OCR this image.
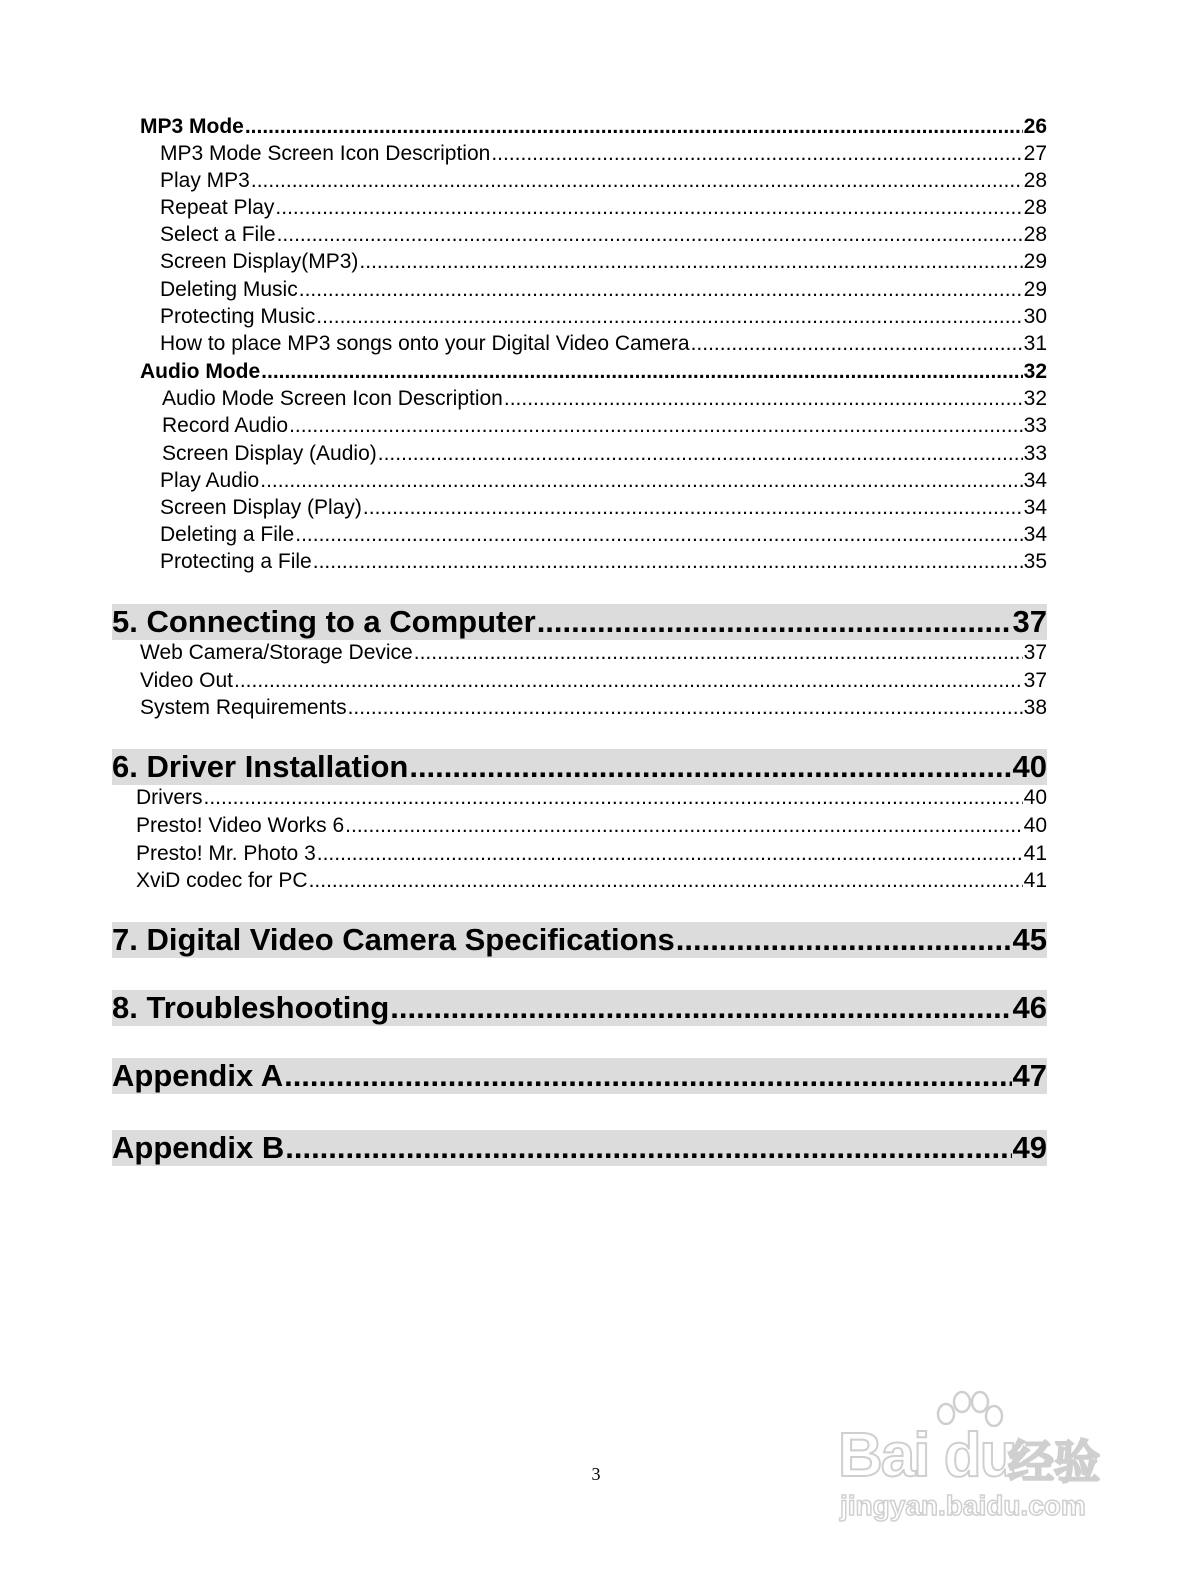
MP3 Mode .....	26
MP3 Mode Screen Icon Description .....	27
Play MP3 .....	28
Repeat Play .....	28
Select a File .....	28
Screen Display(MP3) .....	29
Deleting Music .....	29
Protecting Music .....	30
How to place MP3 songs onto your Digital Video Camera .....	31
Audio Mode .....	32
Audio Mode Screen Icon Description .....	32
Record Audio .....	33
Screen Display (Audio) .....	33
Play Audio .....	34
Screen Display (Play) .....	34
Deleting a File .....	34
Protecting a File .....	35
5. Connecting to a Computer .....	37
Web Camera/Storage Device .....	37
Video Out .....	37
System Requirements .....	38
6. Driver Installation .....	40
Drivers .....	40
Presto! Video Works 6 .....	40
Presto! Mr. Photo 3 .....	41
XviD codec for PC .....	41
7. Digital Video Camera Specifications .....	45
8. Troubleshooting .....	46
Appendix A .....	47
Appendix B .....	49
3	Bai du
经验
jingyan.baidu.com
